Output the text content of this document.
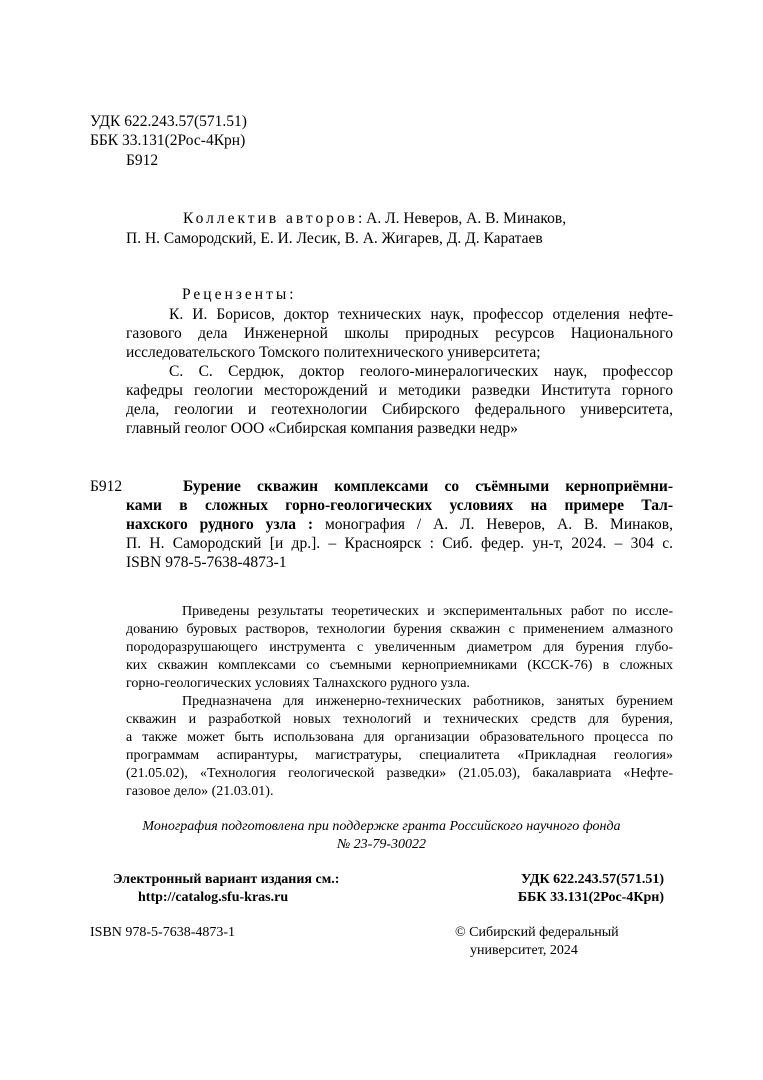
УДК 622.243.57(571.51)

ББК 33.131(2Рос-4Крн)

Б912

Коллектив авторов: А. Л. Неверов, А. В. Минаков,

П. Н. Самородский, Е. И. Лесик, В. А. Жигарев, Д. Д. Каратаев

Рецензенты:

К. И. Борисов, доктор технических наук, профессор отделения нефте-
газового дела Инженерной школы природных ресурсов Национального
исследовательского Томского политехнического университета;
С. С. Сердюк, доктор геолого-минералогических наук, профессор
кафедры геологии месторождений и методики разведки Института горного
дела, геологии и геотехнологии Сибирского федерального университета,
главный геолог ООО «Сибирская компания разведки недр»

Б912	Бурение скважин комплексами со съёмными керноприёмни-
ками в сложных горно-геологических условиях на примере Тал-
нахского рудного узла : монография / А. Л. Неверов, А. В. Минаков,
П. Н. Самородский [и др.]. – Красноярск : Сиб. федер. ун-т, 2024. – 304 с.
ISBN 978-5-7638-4873-1
Приведены результаты теоретических и экспериментальных работ по иссле-
дованию буровых растворов, технологии бурения скважин с применением алмазного
породоразрушающего инструмента с увеличенным диаметром для бурения глубо-
ких скважин комплексами со съемными керноприемниками (КССК-76) в сложных
горно-геологических условиях Талнахского рудного узла.
Предназначена для инженерно-технических работников, занятых бурением
скважин и разработкой новых технологий и технических средств для бурения,
а также может быть использована для организации образовательного процесса по
программам аспирантуры, магистратуры, специалитета «Прикладная геология»
(21.05.02), «Технология геологической разведки» (21.05.03), бакалавриата «Нефте-
газовое дело» (21.03.01).

Монография подготовлена при поддержке гранта Российского научного фонда

№ 23-79-30022

Электронный вариант издания см.:

http://catalog.sfu-kras.ru

УДК 622.243.57(571.51)

ББК 33.131(2Рос-4Крн)

ISBN 978-5-7638-4873-1	© Сибирский федеральный

университет, 2024
